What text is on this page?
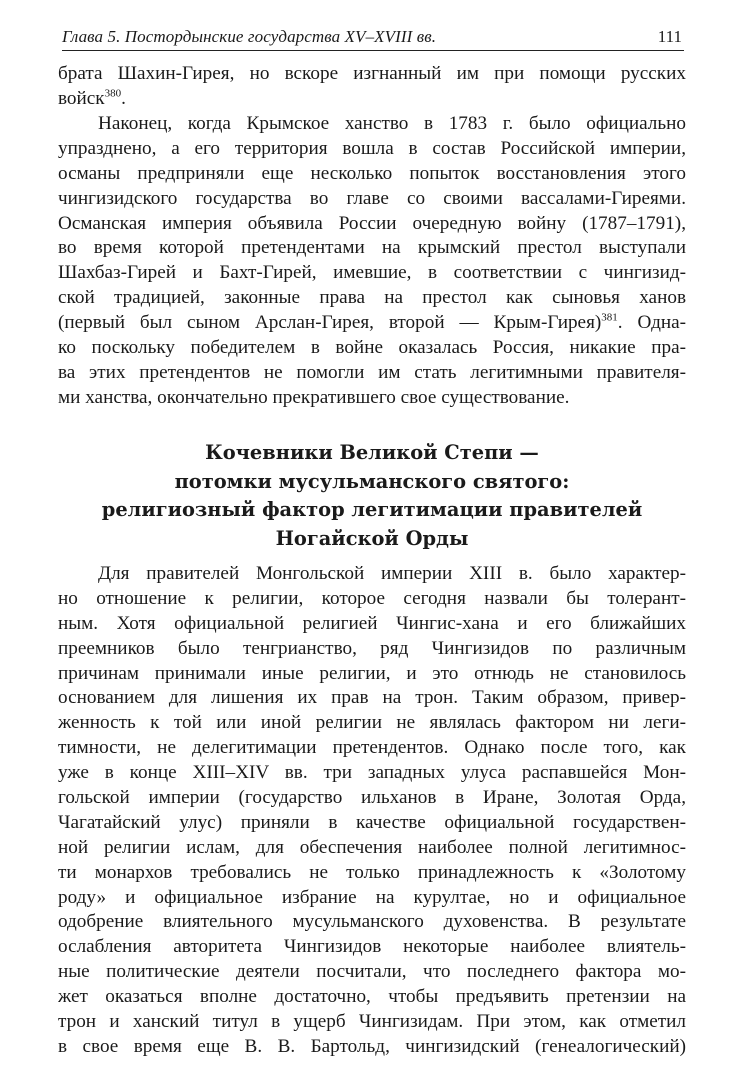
Глава 5. Постордынские государства XV–XVIII вв.	111
брата Шахин-Гирея, но вскоре изгнанный им при помощи русских
войск$^{380}$.
Наконец, когда Крымское ханство в 1783 г. было официально
упразднено, а его территория вошла в состав Российской империи,
османы предприняли еще несколько попыток восстановления этого
чингизидского государства во главе со своими вассалами-Гиреями.
Османская империя объявила России очередную войну (1787–1791),
во время которой претендентами на крымский престол выступали
Шахбаз-Гирей и Бахт-Гирей, имевшие, в соответствии с чингизид-
ской традицией, законные права на престол как сыновья ханов
(первый был сыном Арслан-Гирея, второй — Крым-Гирея)$^{381}$. Одна-
ко поскольку победителем в войне оказалась Россия, никакие пра-
ва этих претендентов не помогли им стать легитимными правителя-
ми ханства, окончательно прекратившего свое существование.
Кочевники Великой Степи —
потомки мусульманского святого:
религиозный фактор легитимации правителей
Ногайской Орды
Для правителей Монгольской империи XIII в. было характер-
но отношение к религии, которое сегодня назвали бы толерант-
ным. Хотя официальной религией Чингис-хана и его ближайших
преемников было тенгрианство, ряд Чингизидов по различным
причинам принимали иные религии, и это отнюдь не становилось
основанием для лишения их прав на трон. Таким образом, привер-
женность к той или иной религии не являлась фактором ни леги-
тимности, не делегитимации претендентов. Однако после того, как
уже в конце XIII–XIV вв. три западных улуса распавшейся Мон-
гольской империи (государство ильханов в Иране, Золотая Орда,
Чагатайский улус) приняли в качестве официальной государствен-
ной религии ислам, для обеспечения наиболее полной легитимнос-
ти монархов требовались не только принадлежность к «Золотому
роду» и официальное избрание на курултае, но и официальное
одобрение влиятельного мусульманского духовенства. В результате
ослабления авторитета Чингизидов некоторые наиболее влиятель-
ные политические деятели посчитали, что последнего фактора мо-
жет оказаться вполне достаточно, чтобы предъявить претензии на
трон и ханский титул в ущерб Чингизидам. При этом, как отметил
в свое время еще В. В. Бартольд, чингизидский (генеалогический)
